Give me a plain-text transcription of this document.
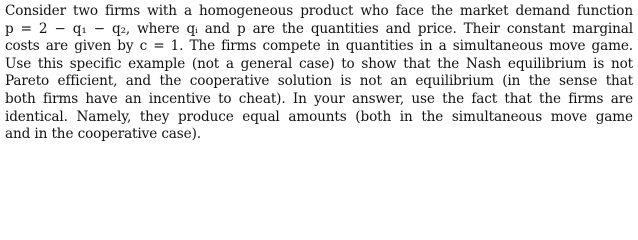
Consider two firms with a homogeneous product who face the market demand function
p = 2 − q₁ − q₂, where qᵢ and p are the quantities and price. Their constant marginal
costs are given by c = 1. The firms compete in quantities in a simultaneous move game.
Use this specific example (not a general case) to show that the Nash equilibrium is not
Pareto efficient, and the cooperative solution is not an equilibrium (in the sense that
both firms have an incentive to cheat). In your answer, use the fact that the firms are
identical. Namely, they produce equal amounts (both in the simultaneous move game
and in the cooperative case).
